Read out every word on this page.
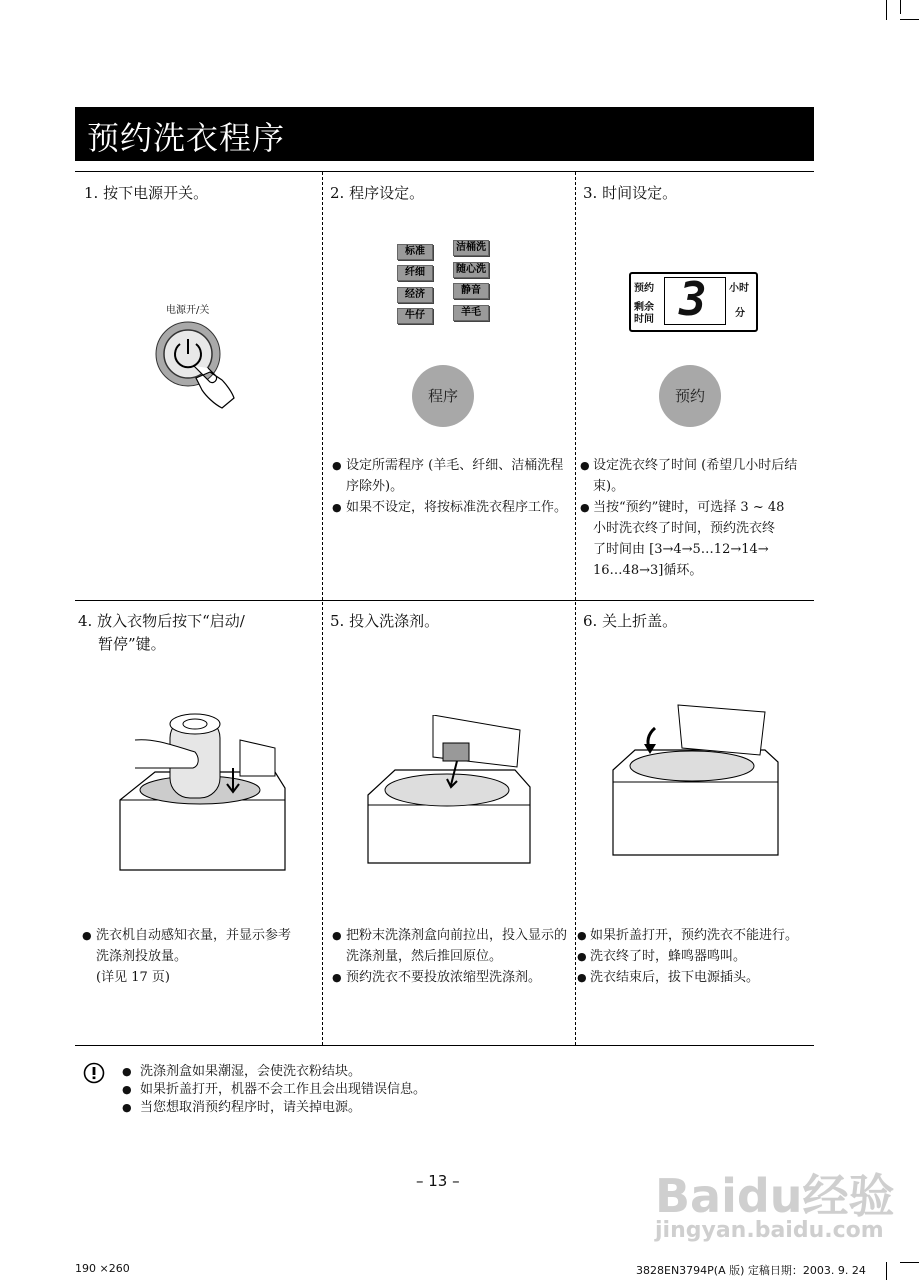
预约洗衣程序
1. 按下电源开关。	2. 程序设定。	3. 时间设定。
4. 放入衣物后按下“启动/
暂停”键。
5. 投入洗涤剂。	6. 关上折盖。
电源开/关
标准
纤细
经济
牛仔
洁桶洗
随心洗
静音
羊毛
程序
预约
剩余
时间 3 小时
分
预约
● 设定所需程序 (羊毛、纤细、洁桶洗程序除外)。
● 如果不设定，将按标准洗衣程序工作。
● 设定洗衣终了时间 (希望几小时后结束)。
● 当按“预约”键时，可选择 3 ~ 48
小时洗衣终了时间，预约洗衣终
了时间由 [3→4→5…12→14→
16…48→3]循环。
● 洗衣机自动感知衣量，并显示参考
洗涤剂投放量。
(详见 17 页)
● 把粉末洗涤剂盒向前拉出，投入显示的洗涤剂量，然后推回原位。
● 预约洗衣不要投放浓缩型洗涤剂。
● 如果折盖打开，预约洗衣不能进行。
● 洗衣终了时，蜂鸣器鸣叫。
● 洗衣结束后，拔下电源插头。
● 洗涤剂盒如果潮湿，会使洗衣粉结块。
● 如果折盖打开，机器不会工作且会出现错误信息。
● 当您想取消预约程序时，请关掉电源。
– 13 –	Baidu经验
jingyan.baidu.com
190 ×260	3828EN3794P(A 版) 定稿日期：2003. 9. 24
